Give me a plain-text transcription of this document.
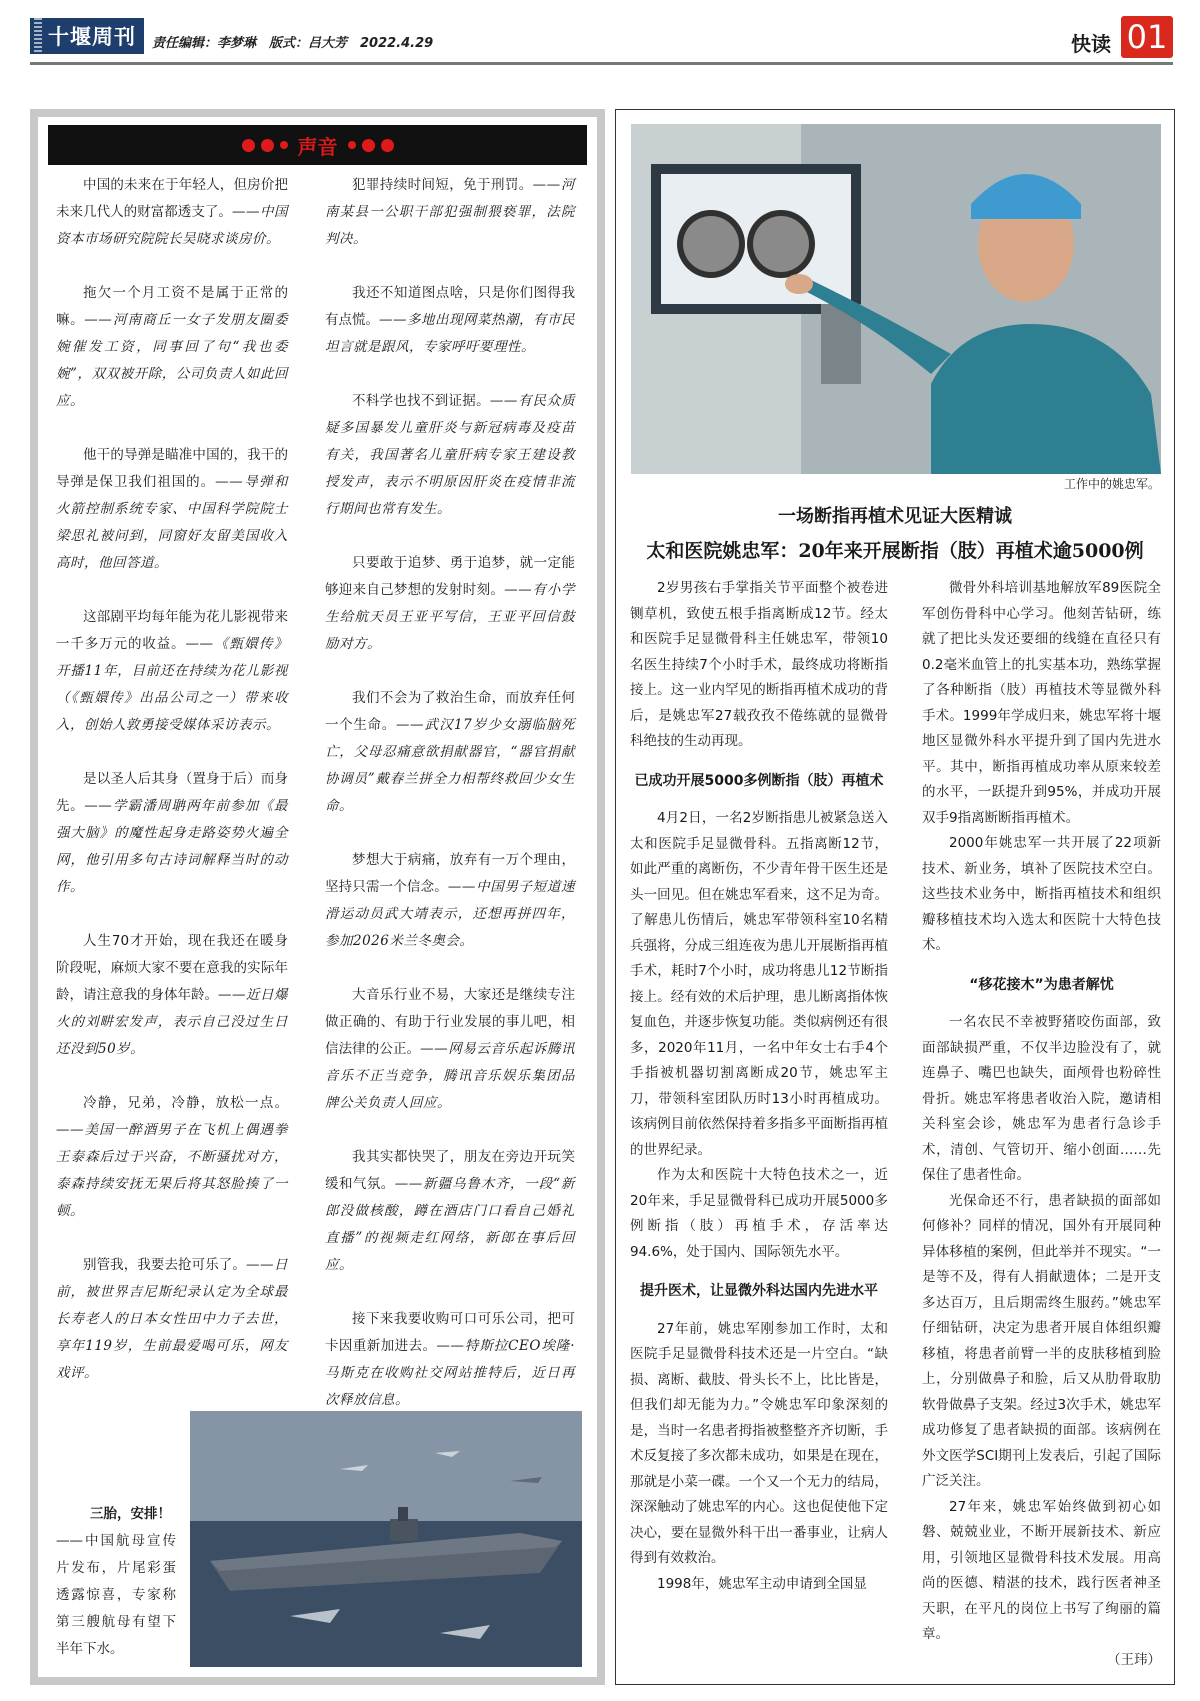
十堰周刊 责任编辑：李梦琳　版式：吕大芳　2022.4.29	快读 01
声音

中国的未来在于年轻人，但房价把未来几代人的财富都透支了。——中国资本市场研究院院长吴晓求谈房价。

拖欠一个月工资不是属于正常的嘛。——河南商丘一女子发朋友圈委婉催发工资，同事回了句“我也委婉”，双双被开除，公司负责人如此回应。

他干的导弹是瞄准中国的，我干的导弹是保卫我们祖国的。——导弹和火箭控制系统专家、中国科学院院士梁思礼被问到，同窗好友留美国收入高时，他回答道。

这部剧平均每年能为花儿影视带来一千多万元的收益。——《甄嬛传》开播11年，目前还在持续为花儿影视（《甄嬛传》出品公司之一）带来收入，创始人敦勇接受媒体采访表示。

是以圣人后其身（置身于后）而身先。——学霸潘周聃两年前参加《最强大脑》的魔性起身走路姿势火遍全网，他引用多句古诗词解释当时的动作。

人生70才开始，现在我还在暖身阶段呢，麻烦大家不要在意我的实际年龄，请注意我的身体年龄。——近日爆火的刘畊宏发声，表示自己没过生日还没到50岁。

冷静，兄弟，冷静，放松一点。——美国一醉酒男子在飞机上偶遇拳王泰森后过于兴奋，不断骚扰对方，泰森持续安抚无果后将其怒脸揍了一顿。

别管我，我要去抢可乐了。——日前，被世界吉尼斯纪录认定为全球最长寿老人的日本女性田中力子去世，享年119岁，生前最爱喝可乐，网友戏评。

犯罪持续时间短，免于刑罚。——河南某县一公职干部犯强制猥亵罪，法院判决。

我还不知道图点啥，只是你们图得我有点慌。——多地出现网菜热潮，有市民坦言就是跟风，专家呼吁要理性。

不科学也找不到证据。——有民众质疑多国暴发儿童肝炎与新冠病毒及疫苗有关，我国著名儿童肝病专家王建设教授发声，表示不明原因肝炎在疫情非流行期间也常有发生。

只要敢于追梦、勇于追梦，就一定能够迎来自己梦想的发射时刻。——有小学生给航天员王亚平写信，王亚平回信鼓励对方。

我们不会为了救治生命，而放弃任何一个生命。——武汉17岁少女溺临脑死亡，父母忍痛意欲捐献器官，“器官捐献协调员”戴春兰拼全力相帮终救回少女生命。

梦想大于病痛，放弃有一万个理由，坚持只需一个信念。——中国男子短道速滑运动员武大靖表示，还想再拼四年，参加2026米兰冬奥会。

大音乐行业不易，大家还是继续专注做正确的、有助于行业发展的事儿吧，相信法律的公正。——网易云音乐起诉腾讯音乐不正当竞争，腾讯音乐娱乐集团品牌公关负责人回应。

我其实都快哭了，朋友在旁边开玩笑缓和气氛。——新疆乌鲁木齐，一段“新郎没做核酸，蹲在酒店门口看自己婚礼直播”的视频走红网络，新郎在事后回应。

接下来我要收购可口可乐公司，把可卡因重新加进去。——特斯拉CEO埃隆·马斯克在收购社交网站推特后，近日再次释放信息。

三胎，安排！
——中国航母宣传片发布，片尾彩蛋透露惊喜，专家称第三艘航母有望下半年下水。
工作中的姚忠军。
一场断指再植术见证大医精诚
太和医院姚忠军：20年来开展断指（肢）再植术逾5000例

2岁男孩右手掌指关节平面整个被卷进铡草机，致使五根手指离断成12节。经太和医院手足显微骨科主任姚忠军，带领10名医生持续7个小时手术，最终成功将断指接上。这一业内罕见的断指再植术成功的背后，是姚忠军27载孜孜不倦练就的显微骨科绝技的生动再现。

已成功开展5000多例断指（肢）再植术

4月2日，一名2岁断指患儿被紧急送入太和医院手足显微骨科。五指离断12节，如此严重的离断伤，不少青年骨干医生还是头一回见。但在姚忠军看来，这不足为奇。了解患儿伤情后，姚忠军带领科室10名精兵强将，分成三组连夜为患儿开展断指再植手术，耗时7个小时，成功将患儿12节断指接上。经有效的术后护理，患儿断离指体恢复血色，并逐步恢复功能。类似病例还有很多，2020年11月，一名中年女士右手4个手指被机器切割离断成20节，姚忠军主刀，带领科室团队历时13小时再植成功。该病例目前依然保持着多指多平面断指再植的世界纪录。

作为太和医院十大特色技术之一，近20年来，手足显微骨科已成功开展5000多例断指（肢）再植手术，存活率达94.6%，处于国内、国际领先水平。

提升医术，让显微外科达国内先进水平

27年前，姚忠军刚参加工作时，太和医院手足显微骨科技术还是一片空白。“缺损、离断、截肢、骨头长不上，比比皆是，但我们却无能为力。”令姚忠军印象深刻的是，当时一名患者拇指被整整齐齐切断，手术反复接了多次都未成功，如果是在现在，那就是小菜一碟。一个又一个无力的结局，深深触动了姚忠军的内心。这也促使他下定决心，要在显微外科干出一番事业，让病人得到有效救治。

1998年，姚忠军主动申请到全国显

微骨外科培训基地解放军89医院全军创伤骨科中心学习。他刻苦钻研，练就了把比头发还要细的线缝在直径只有0.2毫米血管上的扎实基本功，熟练掌握了各种断指（肢）再植技术等显微外科手术。1999年学成归来，姚忠军将十堰地区显微外科水平提升到了国内先进水平。其中，断指再植成功率从原来较差的水平，一跃提升到95%，并成功开展双手9指离断断指再植术。

2000年姚忠军一共开展了22项新技术、新业务，填补了医院技术空白。这些技术业务中，断指再植技术和组织瓣移植技术均入选太和医院十大特色技术。

“移花接木”为患者解忧

一名农民不幸被野猪咬伤面部，致面部缺损严重，不仅半边脸没有了，就连鼻子、嘴巴也缺失，面颅骨也粉碎性骨折。姚忠军将患者收治入院，邀请相关科室会诊，姚忠军为患者行急诊手术，清创、气管切开、缩小创面……先保住了患者性命。

光保命还不行，患者缺损的面部如何修补？同样的情况，国外有开展同种异体移植的案例，但此举并不现实。“一是等不及，得有人捐献遗体；二是开支多达百万，且后期需终生服药。”姚忠军仔细钻研，决定为患者开展自体组织瓣移植，将患者前臂一半的皮肤移植到脸上，分别做鼻子和脸，后又从肋骨取肋软骨做鼻子支架。经过3次手术，姚忠军成功修复了患者缺损的面部。该病例在外文医学SCI期刊上发表后，引起了国际广泛关注。

27年来，姚忠军始终做到初心如磐、兢兢业业，不断开展新技术、新应用，引领地区显微骨科技术发展。用高尚的医德、精湛的技术，践行医者神圣天职，在平凡的岗位上书写了绚丽的篇章。

（王玮）
